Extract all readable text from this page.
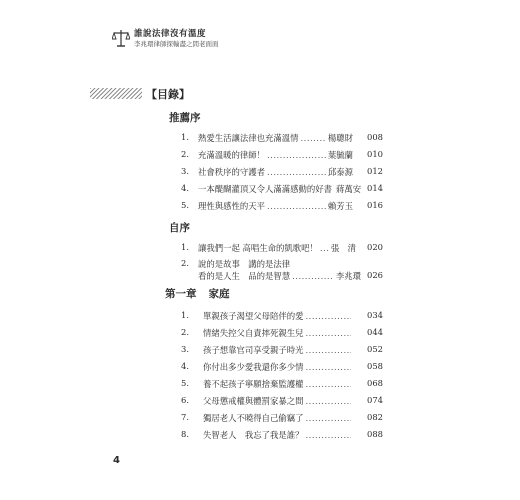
誰說法律沒有溫度
李兆環律師探輸盡之間老面面
【目錄】
推薦序
1. 熱愛生活讓法律也充滿溫情 .....	楊聰財 008
2. 充滿溫暖的律師！ .....	葉毓蘭 010
3. 社會秩序的守護者 .....	邱泰源 012
4. 一本醍醐灌頂又令人滿滿感動的好書 蔣萬安 014
5. 理性與感性的天平 .....	賴芳玉 016
自序
1. 讓我們一起 高唱生命的凱歌吧！ ..... 張　清 020
2. 說的是故事　講的是法律
看的是人生　品的是智慧 .....	李兆環 026
第一章 家庭
1. 單親孩子渴望父母陪伴的愛 .....	034
2. 情緒失控父自責摔死親生兒 .....	044
3. 孩子想靠官司享受親子時光 .....	052
4. 你付出多少愛我還你多少情 .....	058
5. 養不起孩子寧願捨棄監護權 .....	068
6. 父母懲戒權與體罰家暴之間 .....	074
7. 獨居老人不曉得自己偷竊了 .....	082
8. 失智老人　我忘了我是誰？ .....	088
4
